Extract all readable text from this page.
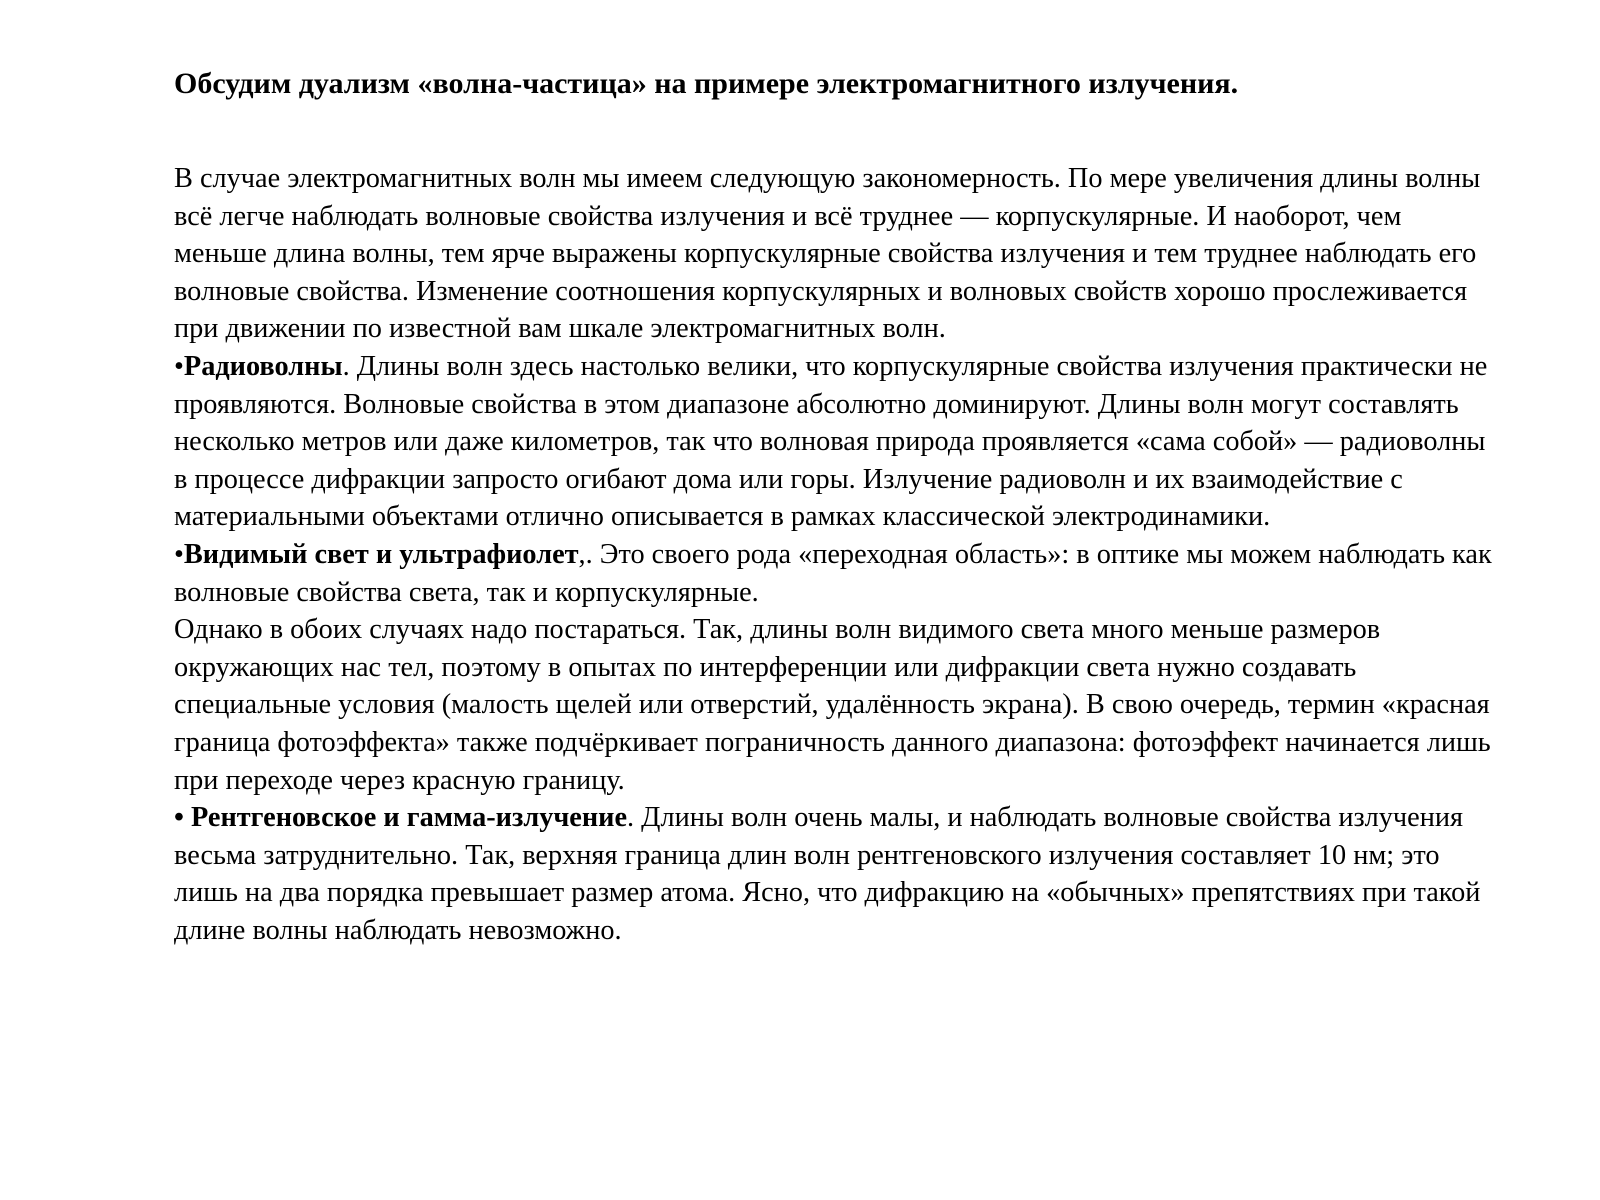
Обсудим дуализм «волна-частица» на примере электромагнитного излучения.

В случае электромагнитных волн мы имеем следующую закономерность. По мере увеличения длины волны всё легче наблюдать волновые свойства излучения и всё труднее — корпускулярные. И наоборот, чем меньше длина волны, тем ярче выражены корпускулярные свойства излучения и тем труднее наблюдать его волновые свойства. Изменение соотношения корпускулярных и волновых свойств хорошо прослеживается при движении по известной вам шкале электромагнитных волн.

•Радиоволны. Длины волн здесь настолько велики, что корпускулярные свойства излучения практически не проявляются. Волновые свойства в этом диапазоне абсолютно доминируют. Длины волн могут составлять несколько метров или даже километров, так что волновая природа проявляется «сама собой» — радиоволны в процессе дифракции запросто огибают дома или горы. Излучение радиоволн и их взаимодействие с материальными объектами отлично описывается в рамках классической электродинамики.

•Видимый свет и ультрафиолет,. Это своего рода «переходная область»: в оптике мы можем наблюдать как волновые свойства света, так и корпускулярные.

Однако в обоих случаях надо постараться. Так, длины волн видимого света много меньше размеров окружающих нас тел, поэтому в опытах по интерференции или дифракции света нужно создавать специальные условия (малость щелей или отверстий, удалённость экрана). В свою очередь, термин «красная граница фотоэффекта» также подчёркивает пограничность данного диапазона: фотоэффект начинается лишь при переходе через красную границу.

• Рентгеновское и гамма-излучение. Длины волн очень малы, и наблюдать волновые свойства излучения весьма затруднительно. Так, верхняя граница длин волн рентгеновского излучения составляет 10 нм; это лишь на два порядка превышает размер атома. Ясно, что дифракцию на «обычных» препятствиях при такой длине волны наблюдать невозможно.
